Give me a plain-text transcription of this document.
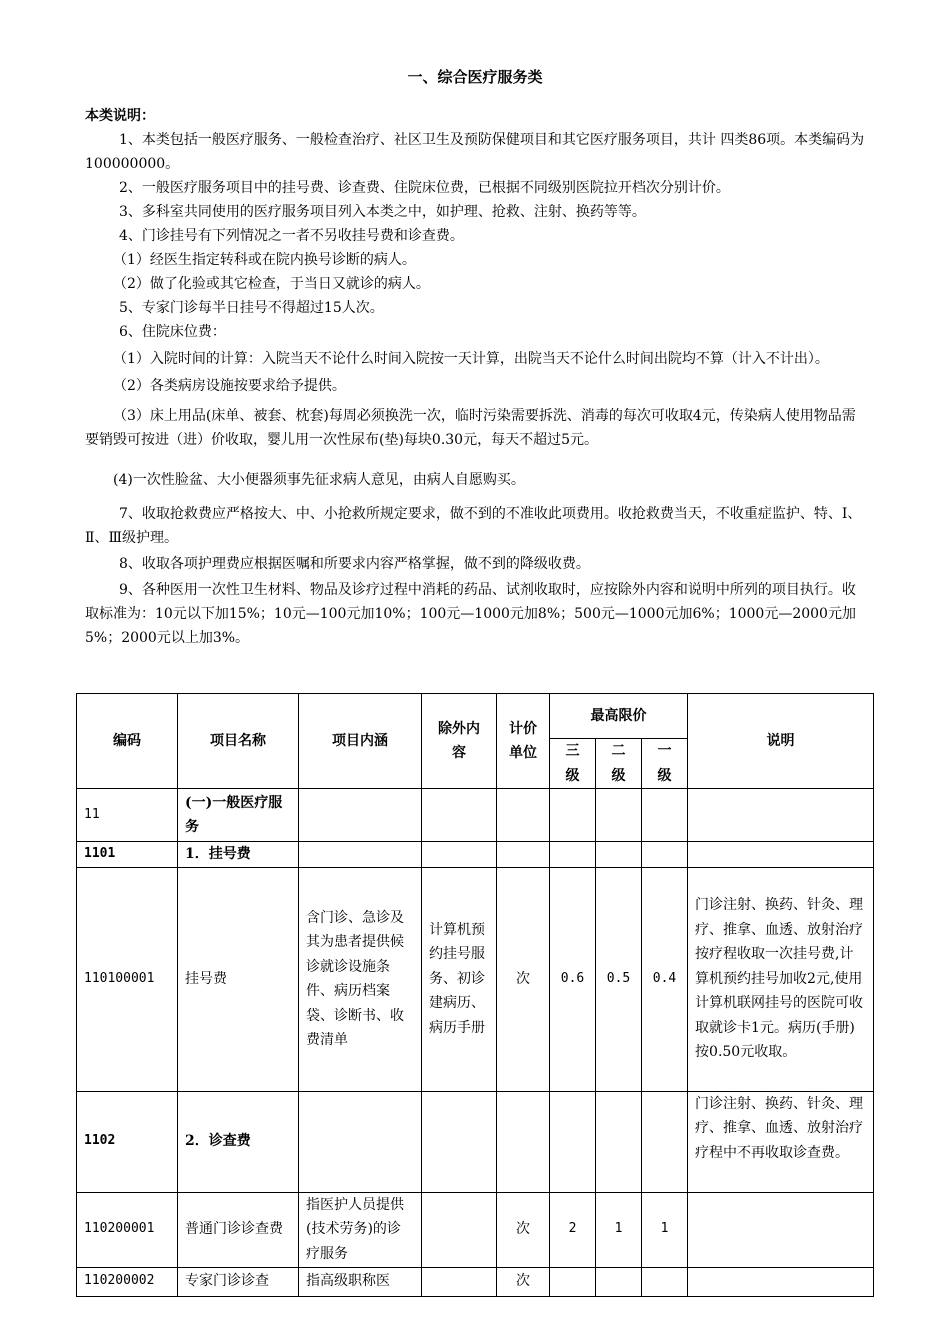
一、综合医疗服务类

本类说明：

1、本类包括一般医疗服务、一般检查治疗、社区卫生及预防保健项目和其它医疗服务项目，共计 四类86项。本类编码为100000000。

2、一般医疗服务项目中的挂号费、诊查费、住院床位费，已根据不同级别医院拉开档次分别计价。

3、多科室共同使用的医疗服务项目列入本类之中，如护理、抢救、注射、换药等等。

4、门诊挂号有下列情况之一者不另收挂号费和诊查费。

（1）经医生指定转科或在院内换号诊断的病人。

（2）做了化验或其它检查，于当日又就诊的病人。

5、专家门诊每半日挂号不得超过15人次。

6、住院床位费：

（1）入院时间的计算：入院当天不论什么时间入院按一天计算，出院当天不论什么时间出院均不算（计入不计出）。

（2）各类病房设施按要求给予提供。

（3）床上用品(床单、被套、枕套)每周必须换洗一次，临时污染需要拆洗、消毒的每次可收取4元，传染病人使用物品需要销毁可按进（进）价收取，婴儿用一次性尿布(垫)每块0.30元，每天不超过5元。

(4)一次性脸盆、大小便器须事先征求病人意见，由病人自愿购买。

7、收取抢救费应严格按大、中、小抢救所规定要求，做不到的不准收此项费用。收抢救费当天，不收重症监护、特、Ⅰ、Ⅱ、Ⅲ级护理。

8、收取各项护理费应根据医嘱和所要求内容严格掌握，做不到的降级收费。

9、各种医用一次性卫生材料、物品及诊疗过程中消耗的药品、试剂收取时，应按除外内容和说明中所列的项目执行。收取标准为：10元以下加15%；10元—100元加10%；100元—1000元加8%；500元—1000元加6%；1000元—2000元加5%；2000元以上加3%。

编码	项目名称	项目内涵	除外内容	计价单位	最高限价			说明
					三级	二级	一级	
11	(一)一般医疗服务							
1101	1．挂号费							
110100001	挂号费	含门诊、急诊及其为患者提供候诊就诊设施条件、病历档案袋、诊断书、收费清单	计算机预约挂号服务、初诊建病历、病历手册	次	0.6	0.5	0.4	门诊注射、换药、针灸、理疗、推拿、血透、放射治疗按疗程收取一次挂号费,计算机预约挂号加收2元,使用计算机联网挂号的医院可收取就诊卡1元。病历(手册)按0.50元收取。
1102	2．诊查费							门诊注射、换药、针灸、理疗、推拿、血透、放射治疗疗程中不再收取诊查费。
110200001	普通门诊诊查费	指医护人员提供(技术劳务)的诊疗服务		次	2	1	1	
110200002	专家门诊诊查	指高级职称医		次				
